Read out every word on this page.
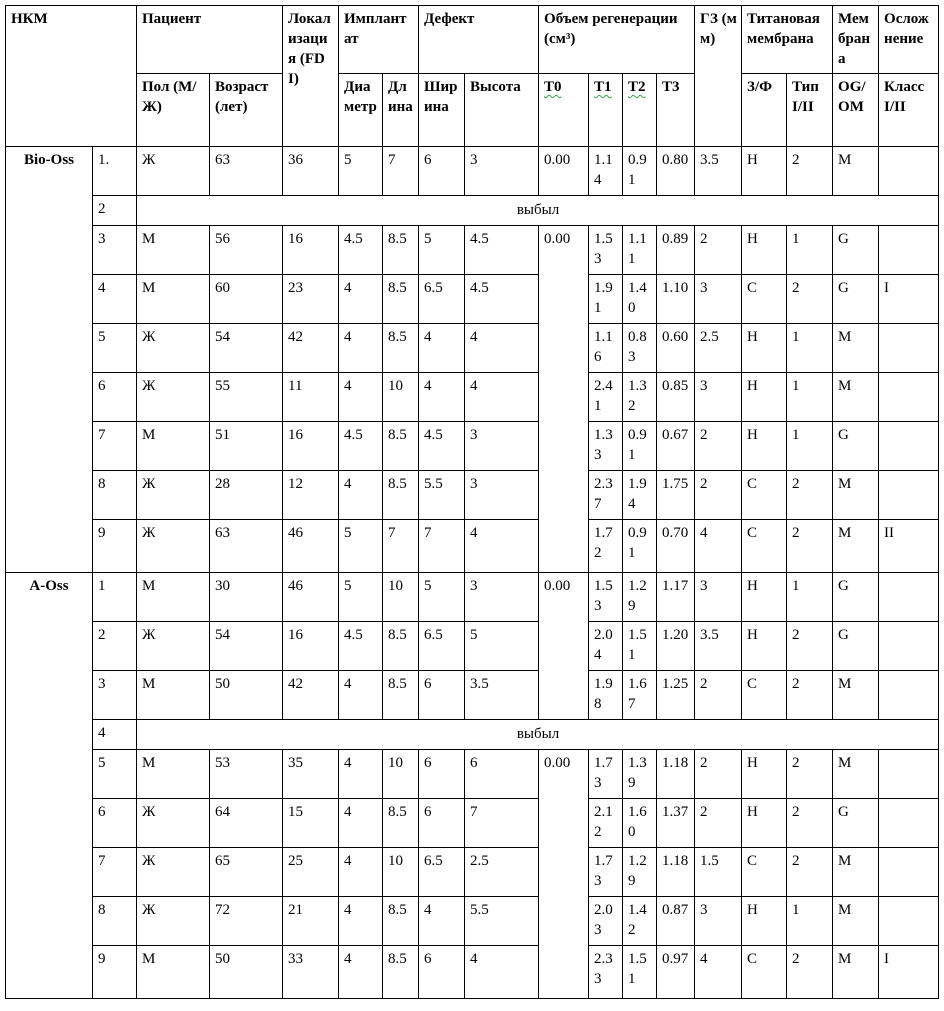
НКМ		Пациент		Локализация (FDI)	Имплантат		Дефект		Объем регенерации (см³)				ГЗ (мм)	Титановая мембрана		Мембрана	Осложнение
		Пол (М/Ж)	Возраст (лет)		Диаметр	Длина	Ширина	Высота	T0	T1	T2	T3		З/Ф	Тип I/II	OG/ OM	Класс I/II
Bio-Oss	1.	Ж	63	36	5	7	6	3	0.00	1.14	0.91	0.80	3.5	Н	2	M	
	2	выбыл															
	3	М	56	16	4.5	8.5	5	4.5	0.00	1.53	1.11	0.89	2	Н	1	G	
	4	М	60	23	4	8.5	6.5	4.5		1.91	1.40	1.10	3	С	2	G	I
	5	Ж	54	42	4	8.5	4	4		1.16	0.83	0.60	2.5	Н	1	M	
	6	Ж	55	11	4	10	4	4		2.41	1.32	0.85	3	Н	1	M	
	7	М	51	16	4.5	8.5	4.5	3		1.33	0.91	0.67	2	Н	1	G	
	8	Ж	28	12	4	8.5	5.5	3		2.37	1.94	1.75	2	С	2	M	
	9	Ж	63	46	5	7	7	4		1.72	0.91	0.70	4	С	2	M	II
A-Oss	1	М	30	46	5	10	5	3	0.00	1.53	1.29	1.17	3	Н	1	G	
	2	Ж	54	16	4.5	8.5	6.5	5		2.04	1.51	1.20	3.5	Н	2	G	
	3	М	50	42	4	8.5	6	3.5		1.98	1.67	1.25	2	С	2	M	
	4	выбыл															
	5	М	53	35	4	10	6	6	0.00	1.73	1.39	1.18	2	Н	2	M	
	6	Ж	64	15	4	8.5	6	7		2.12	1.60	1.37	2	Н	2	G	
	7	Ж	65	25	4	10	6.5	2.5		1.73	1.29	1.18	1.5	С	2	M	
	8	Ж	72	21	4	8.5	4	5.5		2.03	1.42	0.87	3	Н	1	M	
	9	М	50	33	4	8.5	6	4		2.33	1.51	0.97	4	С	2	M	I
